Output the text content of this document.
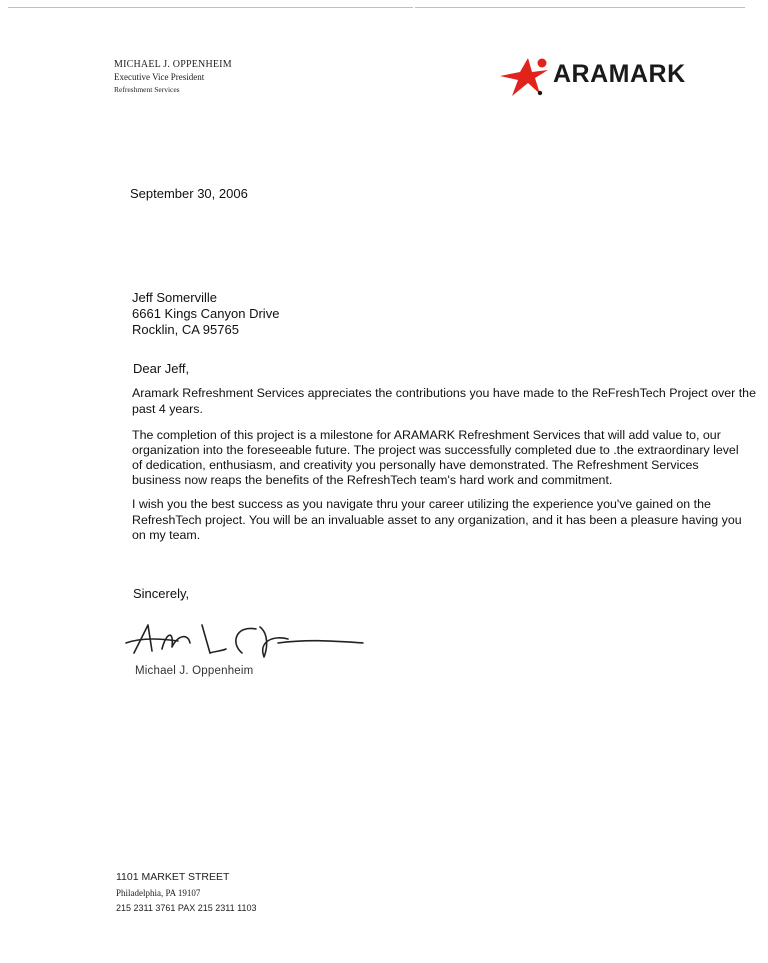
MICHAEL J. OPPENHEIM
Executive Vice President
Refreshment Services
ARAMARK
September 30, 2006
Jeff Somerville
6661 Kings Canyon Drive
Rocklin, CA 95765
Dear Jeff,
Aramark Refreshment Services appreciates the contributions you have made to the ReFreshTech Project over the past 4 years.
The completion of this project is a milestone for ARAMARK Refreshment Services that will add value to, our organization into the foreseeable future. The project was successfully completed due to .the extraordinary level of dedication, enthusiasm, and creativity you personally have demonstrated. The Refreshment Services business now reaps the benefits of the RefreshTech team's hard work and commitment.
I wish you the best success as you navigate thru your career utilizing the experience you've gained on the RefreshTech project. You will be an invaluable asset to any organization, and it has been a pleasure having you on my team.
Sincerely,
Michael J. Oppenheim
1101 MARKET STREET
Philadelphia, PA 19107
215 2311 3761 PAX 215 2311 1103
